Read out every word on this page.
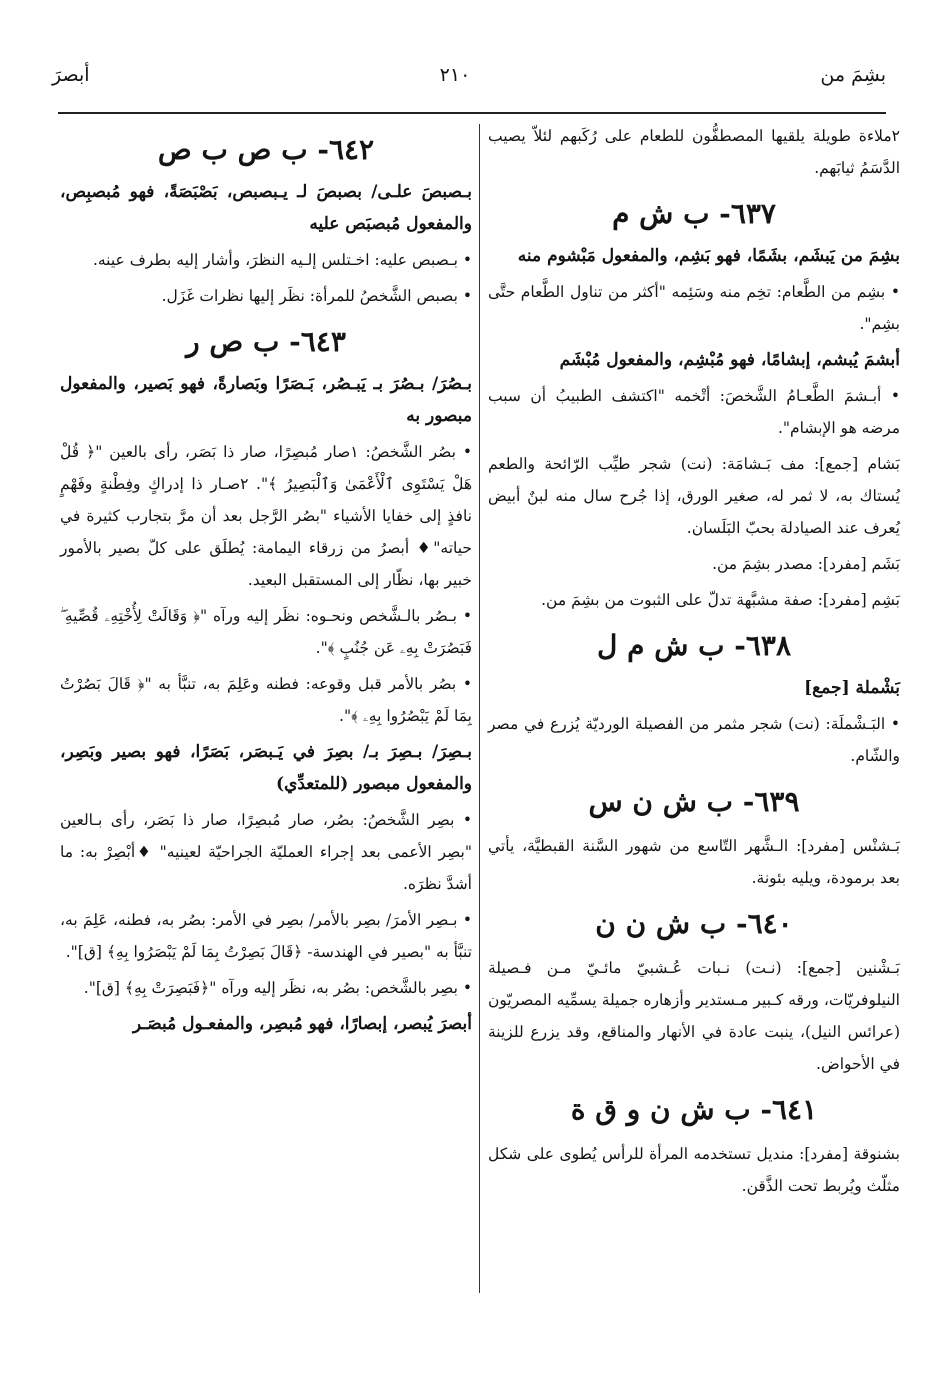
بشِمَ من
٢١٠
أبصرَ

٢ملاءة طويلة يلقيها المصطفُّون للطعام على رُكَبهم لئلاّ يصيب الدَّسَمُ ثيابَهم.

٦٣٧- ب ش م

بشِمَ من يَبشَم، بشَمًا، فهو بَشِم، والمفعول مَبْشوم منه

• بشِم من الطَّعام: تخِم منه وسَئِمه "أكثر من تناول الطَّعام حتَّى بشِم".

أبشمَ يُبشم، إبشامًا، فهو مُبْشِم، والمفعول مُبْشَم

• أبـشمَ الطَّعـامُ الشَّخصَ: أتْخمه "اكتشف الطبيبُ أن سبب مرضه هو الإبشام".

بَشام [جمع]: مف بَـشامَة: (نت) شجر طيِّب الرّائحة والطعم يُستاك به، لا ثمر له، صغير الورق، إذا جُرح سال منه لبنٌ أبيض يُعرف عند الصيادلة بحبّ البَلَسان.

بَشَم [مفرد]: مصدر بشِمَ من.

بَشِم [مفرد]: صفة مشبَّهة تدلّ على الثبوت من بشِمَ من.

٦٣٨- ب ش م ل

بَشْملة [جمع]

• البَـشْملَة: (نت) شجر مثمر من الفصيلة الورديّة يُزرع في مصر والشّام.

٦٣٩- ب ش ن س

بَـشنْس [مفرد]: الـشَّهر التّاسع من شهور السَّنة القبطيَّة، يأتي بعد برمودة، ويليه بئونة.

٦٤٠- ب ش ن ن

بَـشْنين [جمع]: (نـت) نـبات عُـشبيّ مائـيّ مـن فـصيلة النيلوفريّات، ورقه كـبير مـستدير وأزهاره جميلة يسمِّيه المصريّون (عرائس النيل)، ينبت عادة في الأنهار والمناقع، وقد يزرع للزينة في الأحواض.

٦٤١- ب ش ن و ق ة

بشنوقة [مفرد]: منديل تستخدمه المرأة للرأس يُطوى على شكل مثلّث ويُربط تحت الذَّقن.

٦٤٢- ب ص ب ص

بـصبصَ علـى/ بصبصَ لـ يـبصبص، بَصْبَصَةً، فهو مُبصبِص، والمفعول مُبصبَص عليه

• بـصبص عليه: اخـتلس إلـيه النظرَ، وأشار إليه بطرف عينه.

• بصبص الشَّخصُ للمرأة: نظَر إليها نظرات غَزَل.

٦٤٣- ب ص ر

بـصُرَ/ بـصُرَ بـ يَبـصُر، بَـصَرًا وبَصارةً، فهو بَصير، والمفعول مبصور به

• بصُر الشَّخصُ: ١صار مُبصِرًا، صار ذا بَصَر، رأى بالعين "﴿ قُلْ هَلْ يَسْتَوِى ٱلْأَعْمَىٰ وَٱلْبَصِيرُ ﴾". ٢صـار ذا إدراكٍ وفِطْنةٍ وفَهْمٍ نافذٍ إلى خفايا الأشياء "بصُر الرَّجل بعد أن مرَّ بتجارب كثيرة في حياته"♦ أبصرُ من زرقاء اليمامة: يُطلَق على كلّ بصير بالأمور خبير بها، نظّار إلى المستقبل البعيد.

• بـصُر بالـشَّخص ونحـوه: نظَر إليه ورآه "﴿ وَقَالَتْ لِأُخْتِهِۦ قُصِّيهِ ۖ فَبَصُرَتْ بِهِۦ عَن جُنُبٍ ﴾".

• بصُر بالأمر قبل وقوعه: فطنه وعَلِمَ به، تنبَّأ به "﴿ قَالَ بَصُرْتُ بِمَا لَمْ يَبْصُرُوا بِهِۦ ﴾".

بـصِرَ/ بـصِرَ بـ/ بصِرَ في يَـبصَر، بَصَرًا، فهو بصير وبَصِر، والمفعول مبصور (للمتعدِّي)

• بصِر الشَّخصُ: بصُر، صار مُبصِرًا، صار ذا بَصَر، رأى بـالعين "بصِر الأعمى بعد إجراء العمليّة الجراحيّة لعينيه" ♦أبْصِرْ به: ما أشدَّ نظرَه.

• بـصِر الأمرَ/ بصِر بالأمر/ بصِر في الأمر: بصُر به، فطنه، عَلِمَ به، تنبَّأ به "بصير في الهندسة- ﴿قَالَ بَصِرْتُ بِمَا لَمْ يَبْصَرُوا بِهِ﴾ [ق]".

• بصِر بالشَّخص: بصُر به، نظَر إليه ورآه "﴿فَبَصِرَتْ بِهِ﴾ [ق]".

أبصرَ يُبصر، إبصارًا، فهو مُبصِر، والمفعـول مُبصَـر
